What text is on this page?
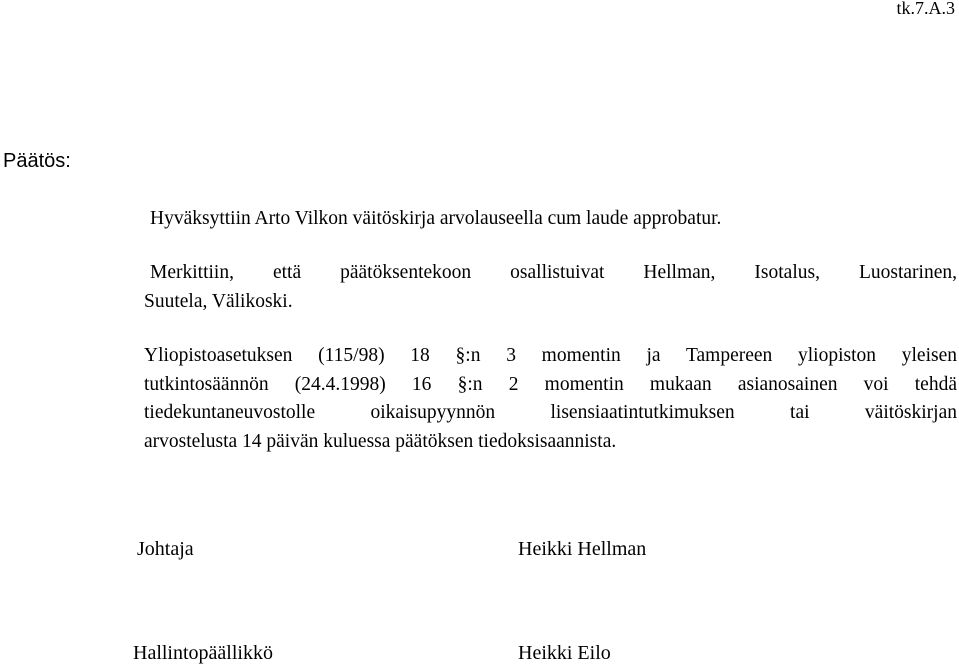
tk.7.A.3
Päätös:
Hyväksyttiin Arto Vilkon väitöskirja arvolauseella cum laude approbatur.
Merkittiin, että päätöksentekoon osallistuivat Hellman, Isotalus, Luostarinen,
Suutela, Välikoski.
Yliopistoasetuksen (115/98) 18 §:n 3 momentin ja Tampereen yliopiston yleisen
tutkintosäännön (24.4.1998) 16 §:n 2 momentin mukaan asianosainen voi tehdä
tiedekuntaneuvostolle oikaisupyynnön lisensiaatintutkimuksen tai väitöskirjan
arvostelusta 14 päivän kuluessa päätöksen tiedoksisaannista.
Johtaja	Heikki Hellman
Hallintopäällikkö	Heikki Eilo
